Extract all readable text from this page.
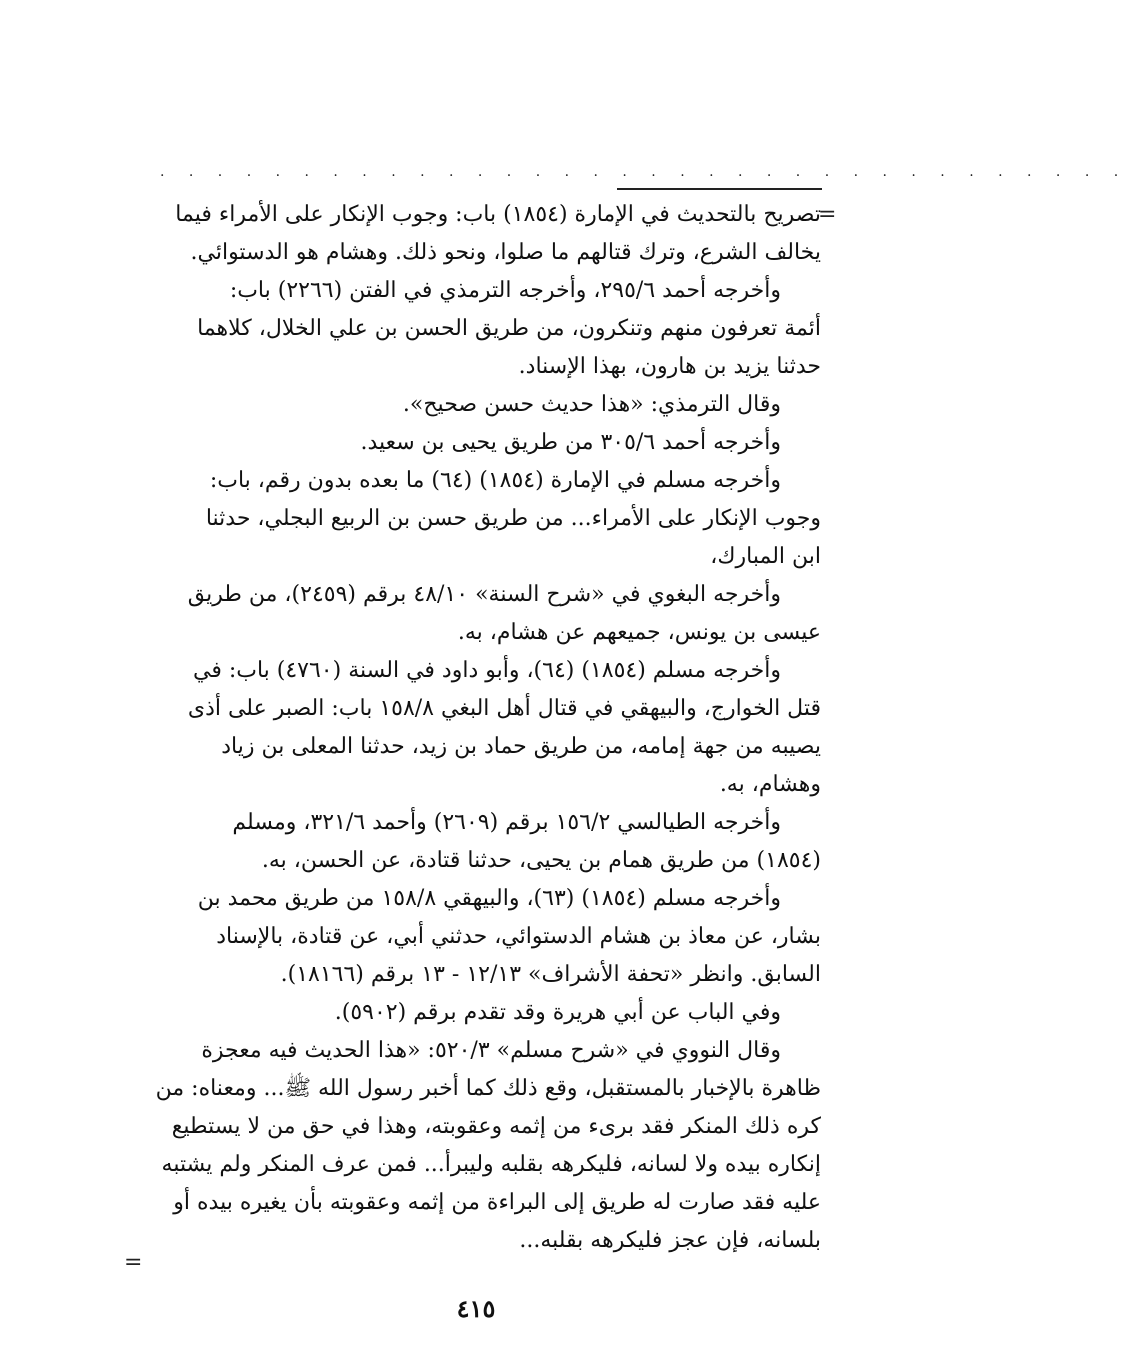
. . . . . . . . . . . . . . . . . . . . . . . . . . . . . . . . . .
=
تصريح بالتحديث في الإمارة (١٨٥٤) باب: وجوب الإنكار على الأمراء فيما
يخالف الشرع، وترك قتالهم ما صلوا، ونحو ذلك. وهشام هو الدستوائي.
وأخرجه أحمد ٢٩٥/٦، وأخرجه الترمذي في الفتن (٢٢٦٦) باب:
أئمة تعرفون منهم وتنكرون، من طريق الحسن بن علي الخلال، كلاهما
حدثنا يزيد بن هارون، بهذا الإسناد.
وقال الترمذي: «هذا حديث حسن صحيح».
وأخرجه أحمد ٣٠٥/٦ من طريق يحيى بن سعيد.
وأخرجه مسلم في الإمارة (١٨٥٤) (٦٤) ما بعده بدون رقم، باب:
وجوب الإنكار على الأمراء... من طريق حسن بن الربيع البجلي، حدثنا
ابن المبارك،
وأخرجه البغوي في «شرح السنة» ٤٨/١٠ برقم (٢٤٥٩)، من طريق
عيسى بن يونس، جميعهم عن هشام، به.
وأخرجه مسلم (١٨٥٤) (٦٤)، وأبو داود في السنة (٤٧٦٠) باب: في
قتل الخوارج، والبيهقي في قتال أهل البغي ١٥٨/٨ باب: الصبر على أذى
يصيبه من جهة إمامه، من طريق حماد بن زيد، حدثنا المعلى بن زياد
وهشام، به.
وأخرجه الطيالسي ١٥٦/٢ برقم (٢٦٠٩) وأحمد ٣٢١/٦، ومسلم
(١٨٥٤) من طريق همام بن يحيى، حدثنا قتادة، عن الحسن، به.
وأخرجه مسلم (١٨٥٤) (٦٣)، والبيهقي ١٥٨/٨ من طريق محمد بن
بشار، عن معاذ بن هشام الدستوائي، حدثني أبي، عن قتادة، بالإسناد
السابق. وانظر «تحفة الأشراف» ١٢/١٣ - ١٣ برقم (١٨١٦٦).
وفي الباب عن أبي هريرة وقد تقدم برقم (٥٩٠٢).
وقال النووي في «شرح مسلم» ٥٢٠/٣: «هذا الحديث فيه معجزة
ظاهرة بالإخبار بالمستقبل، وقع ذلك كما أخبر رسول الله ﷺ... ومعناه: من
كره ذلك المنكر فقد برىء من إثمه وعقوبته، وهذا في حق من لا يستطيع
إنكاره بيده ولا لسانه، فليكرهه بقلبه وليبرأ... فمن عرف المنكر ولم يشتبه
عليه فقد صارت له طريق إلى البراءة من إثمه وعقوبته بأن يغيره بيده أو
بلسانه، فإن عجز فليكرهه بقلبه...
=
٤١٥
